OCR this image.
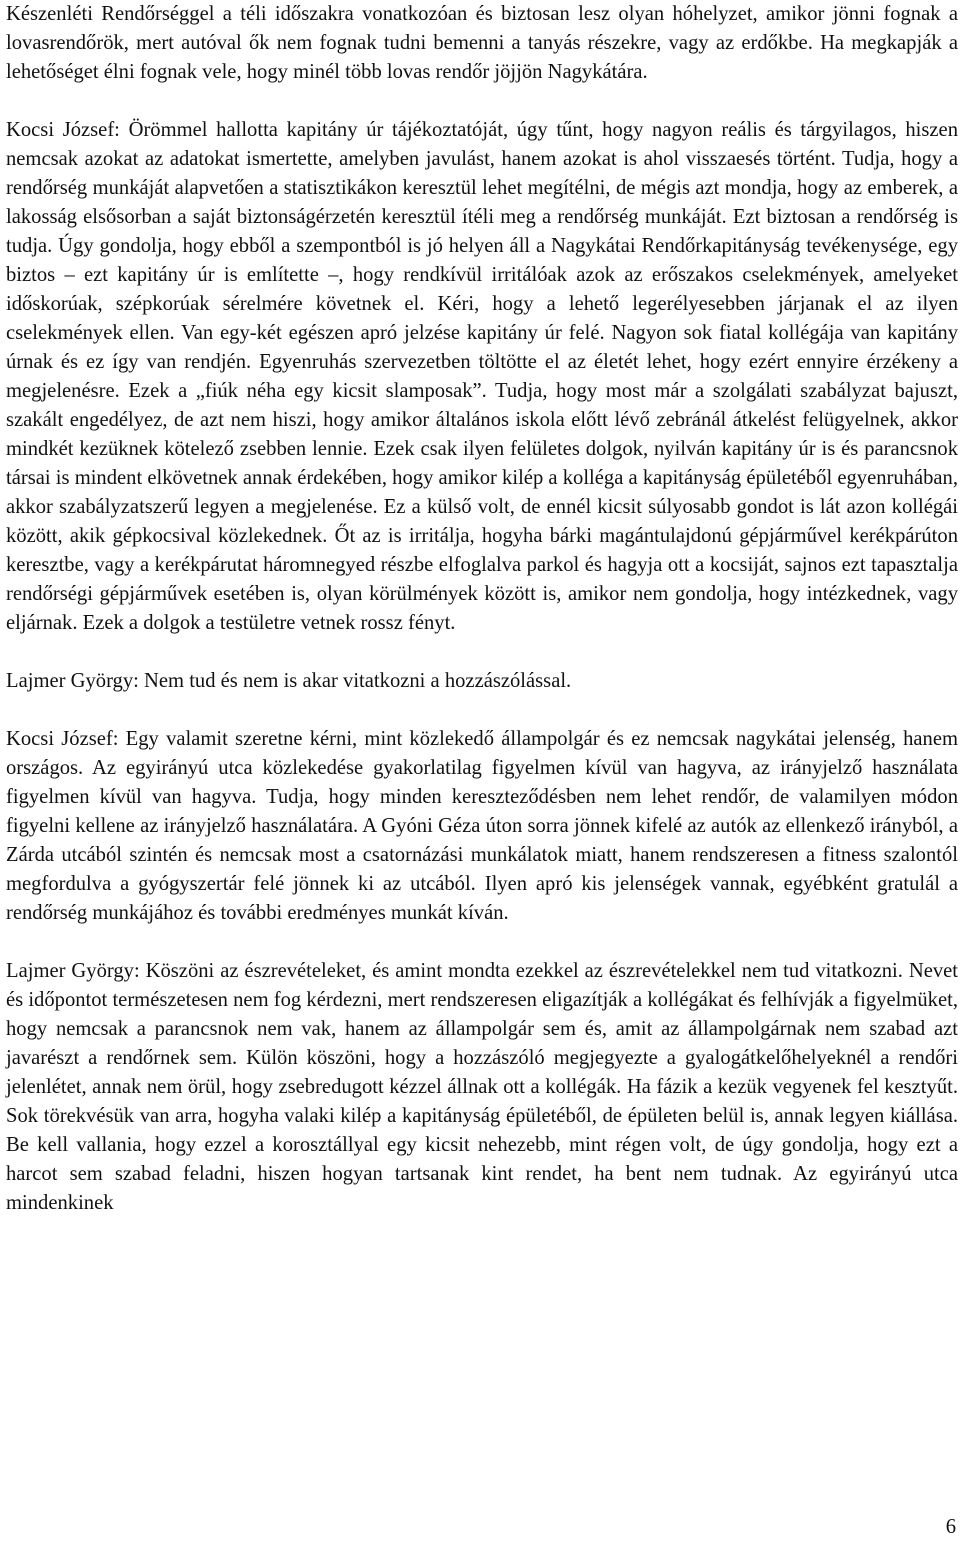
Készenléti Rendőrséggel a téli időszakra vonatkozóan és biztosan lesz olyan hóhelyzet, amikor jönni fognak a lovasrendőrök, mert autóval ők nem fognak tudni bemenni a tanyás részekre, vagy az erdőkbe. Ha megkapják a lehetőséget élni fognak vele, hogy minél több lovas rendőr jöjjön Nagykátára.

Kocsi József: Örömmel hallotta kapitány úr tájékoztatóját, úgy tűnt, hogy nagyon reális és tárgyilagos, hiszen nemcsak azokat az adatokat ismertette, amelyben javulást, hanem azokat is ahol visszaesés történt. Tudja, hogy a rendőrség munkáját alapvetően a statisztikákon keresztül lehet megítélni, de mégis azt mondja, hogy az emberek, a lakosság elsősorban a saját biztonságérzetén keresztül ítéli meg a rendőrség munkáját. Ezt biztosan a rendőrség is tudja. Úgy gondolja, hogy ebből a szempontból is jó helyen áll a Nagykátai Rendőrkapitányság tevékenysége, egy biztos – ezt kapitány úr is említette –, hogy rendkívül irritálóak azok az erőszakos cselekmények, amelyeket időskorúak, szépkorúak sérelmére követnek el. Kéri, hogy a lehető legerélyesebben járjanak el az ilyen cselekmények ellen. Van egy-két egészen apró jelzése kapitány úr felé. Nagyon sok fiatal kollégája van kapitány úrnak és ez így van rendjén. Egyenruhás szervezetben töltötte el az életét lehet, hogy ezért ennyire érzékeny a megjelenésre. Ezek a „fiúk néha egy kicsit slamposak”. Tudja, hogy most már a szolgálati szabályzat bajuszt, szakált engedélyez, de azt nem hiszi, hogy amikor általános iskola előtt lévő zebránál átkelést felügyelnek, akkor mindkét kezüknek kötelező zsebben lennie. Ezek csak ilyen felületes dolgok, nyilván kapitány úr is és parancsnok társai is mindent elkövetnek annak érdekében, hogy amikor kilép a kolléga a kapitányság épületéből egyenruhában, akkor szabályzatszerű legyen a megjelenése. Ez a külső volt, de ennél kicsit súlyosabb gondot is lát azon kollégái között, akik gépkocsival közlekednek. Őt az is irritálja, hogyha bárki magántulajdonú gépjárművel kerékpárúton keresztbe, vagy a kerékpárutat háromnegyed részbe elfoglalva parkol és hagyja ott a kocsiját, sajnos ezt tapasztalja rendőrségi gépjárművek esetében is, olyan körülmények között is, amikor nem gondolja, hogy intézkednek, vagy eljárnak. Ezek a dolgok a testületre vetnek rossz fényt.

Lajmer György: Nem tud és nem is akar vitatkozni a hozzászólással.

Kocsi József: Egy valamit szeretne kérni, mint közlekedő állampolgár és ez nemcsak nagykátai jelenség, hanem országos. Az egyirányú utca közlekedése gyakorlatilag figyelmen kívül van hagyva, az irányjelző használata figyelmen kívül van hagyva. Tudja, hogy minden kereszteződésben nem lehet rendőr, de valamilyen módon figyelni kellene az irányjelző használatára. A Gyóni Géza úton sorra jönnek kifelé az autók az ellenkező irányból, a Zárda utcából szintén és nemcsak most a csatornázási munkálatok miatt, hanem rendszeresen a fitness szalontól megfordulva a gyógyszertár felé jönnek ki az utcából. Ilyen apró kis jelenségek vannak, egyébként gratulál a rendőrség munkájához és további eredményes munkát kíván.

Lajmer György: Köszöni az észrevételeket, és amint mondta ezekkel az észrevételekkel nem tud vitatkozni. Nevet és időpontot természetesen nem fog kérdezni, mert rendszeresen eligazítják a kollégákat és felhívják a figyelmüket, hogy nemcsak a parancsnok nem vak, hanem az állampolgár sem és, amit az állampolgárnak nem szabad azt javarészt a rendőrnek sem. Külön köszöni, hogy a hozzászóló megjegyezte a gyalogátkelőhelyeknél a rendőri jelenlétet, annak nem örül, hogy zsebredugott kézzel állnak ott a kollégák. Ha fázik a kezük vegyenek fel kesztyűt. Sok törekvésük van arra, hogyha valaki kilép a kapitányság épületéből, de épületen belül is, annak legyen kiállása. Be kell vallania, hogy ezzel a korosztállyal egy kicsit nehezebb, mint régen volt, de úgy gondolja, hogy ezt a harcot sem szabad feladni, hiszen hogyan tartsanak kint rendet, ha bent nem tudnak. Az egyirányú utca mindenkinek

6
